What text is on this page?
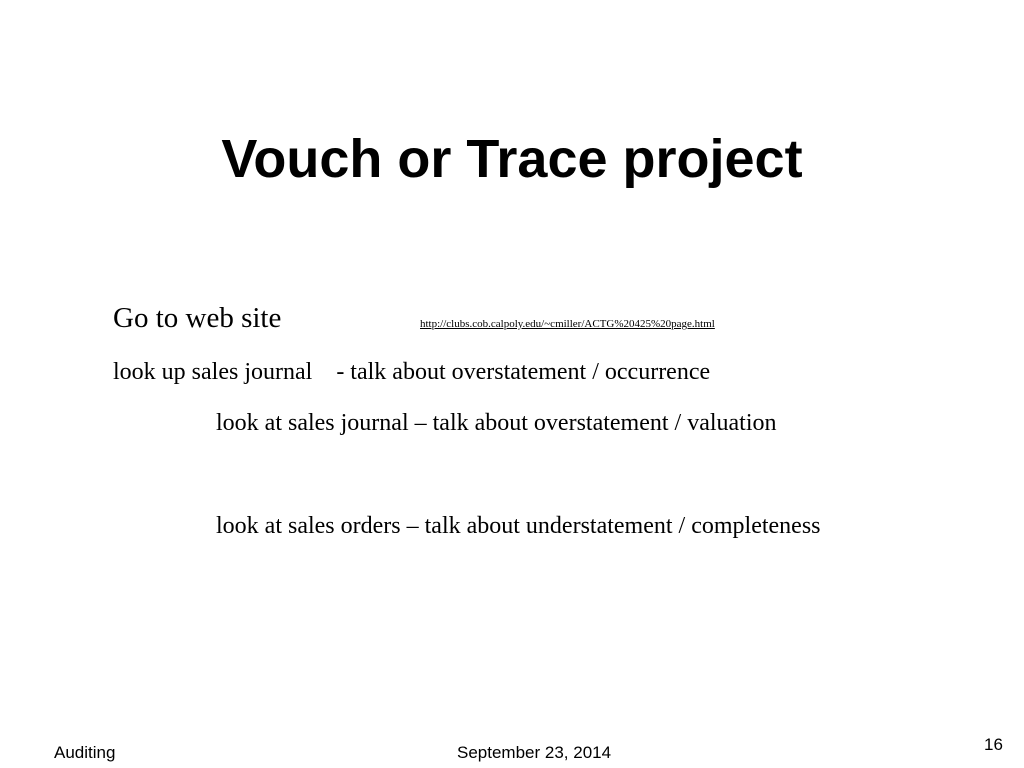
Vouch or Trace project
Go to web site	http://clubs.cob.calpoly.edu/~cmiller/ACTG%20425%20page.html
look up sales journal - talk about overstatement / occurrence
look at sales journal – talk about overstatement / valuation
look at sales orders – talk about understatement / completeness
Auditing	September 23, 2014	16
